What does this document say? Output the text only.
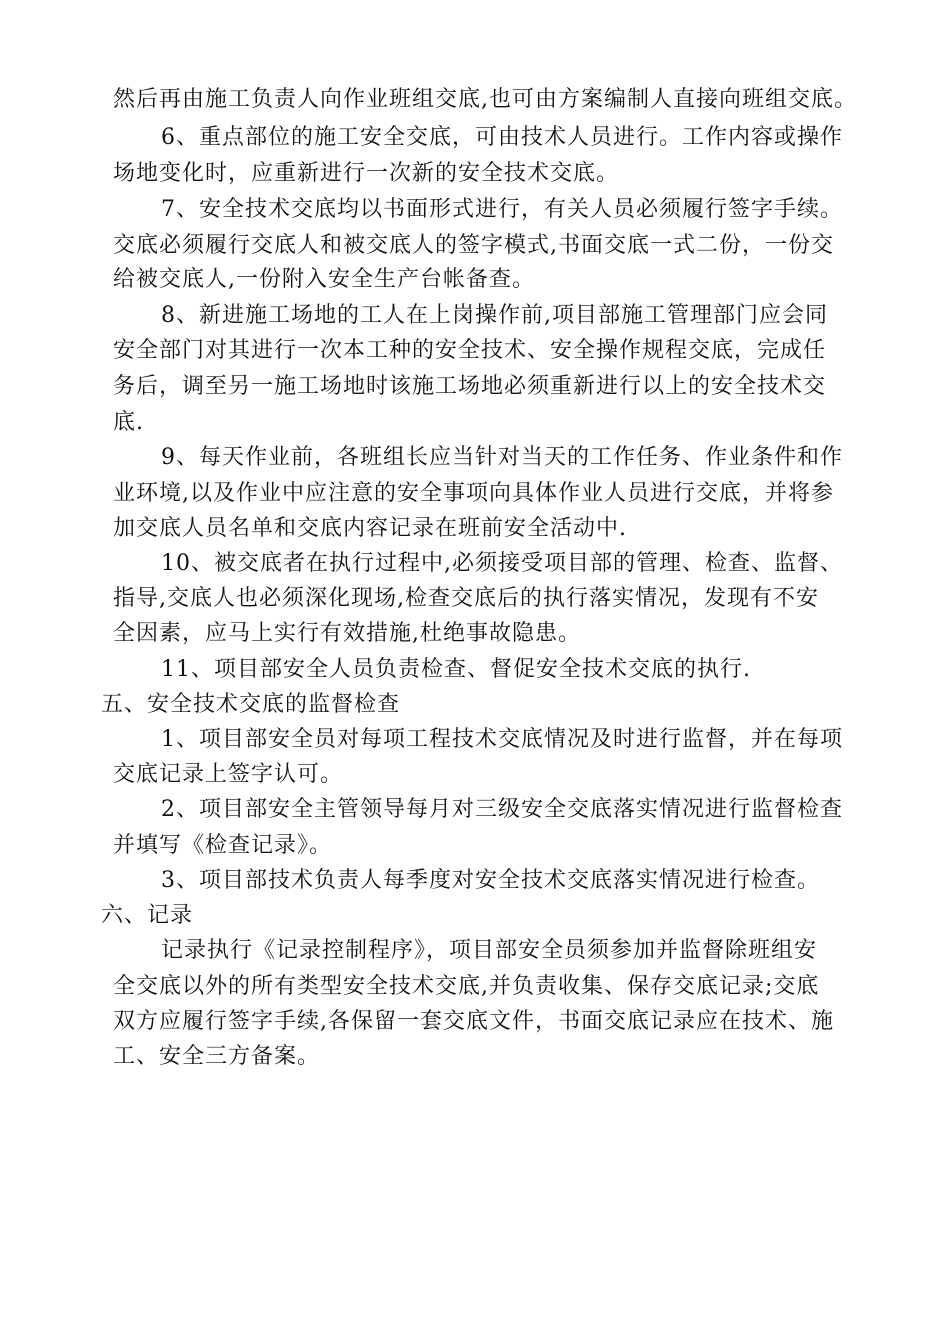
然后再由施工负责人向作业班组交底,也可由方案编制人直接向班组交底。
6、重点部位的施工安全交底，可由技术人员进行。工作内容或操作
场地变化时，应重新进行一次新的安全技术交底。
7、安全技术交底均以书面形式进行，有关人员必须履行签字手续。
交底必须履行交底人和被交底人的签字模式,书面交底一式二份，一份交
给被交底人,一份附入安全生产台帐备查。
8、新进施工场地的工人在上岗操作前,项目部施工管理部门应会同
安全部门对其进行一次本工种的安全技术、安全操作规程交底，完成任
务后，调至另一施工场地时该施工场地必须重新进行以上的安全技术交
底.
9、每天作业前，各班组长应当针对当天的工作任务、作业条件和作
业环境,以及作业中应注意的安全事项向具体作业人员进行交底，并将参
加交底人员名单和交底内容记录在班前安全活动中.
10、被交底者在执行过程中,必须接受项目部的管理、检查、监督、
指导,交底人也必须深化现场,检查交底后的执行落实情况，发现有不安
全因素，应马上实行有效措施,杜绝事故隐患。
11、项目部安全人员负责检查、督促安全技术交底的执行.
五、安全技术交底的监督检查
1、项目部安全员对每项工程技术交底情况及时进行监督，并在每项
交底记录上签字认可。
2、项目部安全主管领导每月对三级安全交底落实情况进行监督检查
并填写《检查记录》。
3、项目部技术负责人每季度对安全技术交底落实情况进行检查。
六、记录
记录执行《记录控制程序》，项目部安全员须参加并监督除班组安
全交底以外的所有类型安全技术交底,并负责收集、保存交底记录;交底
双方应履行签字手续,各保留一套交底文件，书面交底记录应在技术、施
工、安全三方备案。
